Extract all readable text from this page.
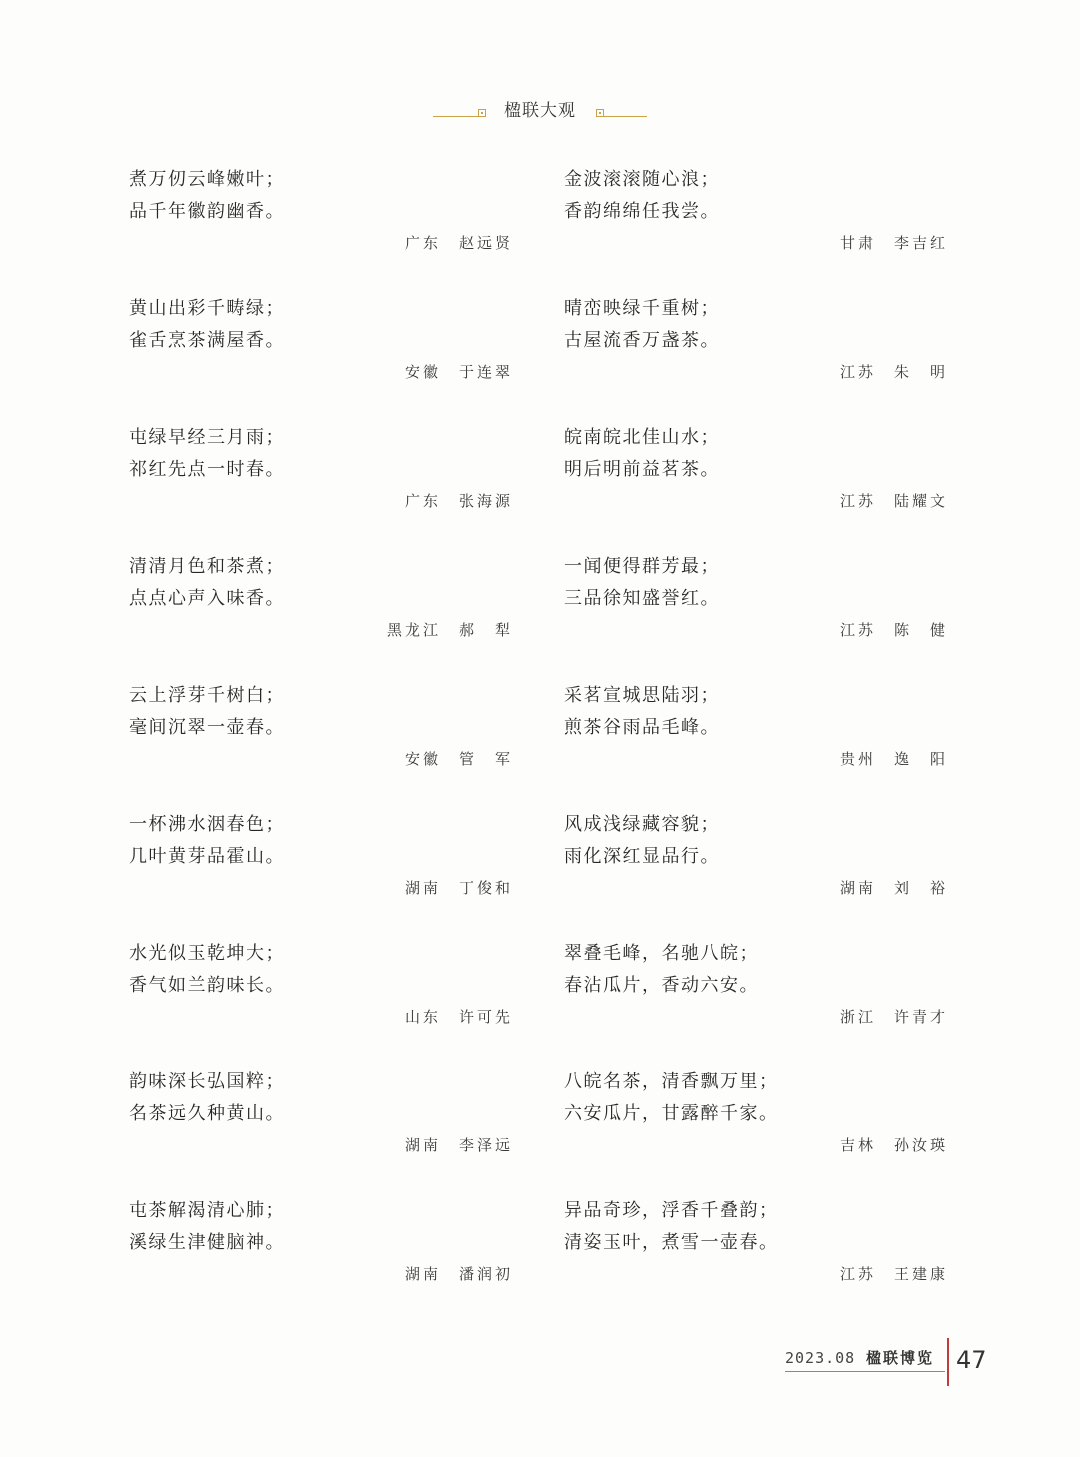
楹联大观
煮万仞云峰嫩叶；
品千年徽韵幽香。
广东 赵远贤
黄山出彩千畴绿；
雀舌烹茶满屋香。
安徽 于连翠
屯绿早经三月雨；
祁红先点一时春。
广东 张海源
清清月色和茶煮；
点点心声入味香。
黑龙江 郝　犁
云上浮芽千树白；
毫间沉翠一壶春。
安徽 管　军
一杯沸水洇春色；
几叶黄芽品霍山。
湖南 丁俊和
水光似玉乾坤大；
香气如兰韵味长。
山东 许可先
韵味深长弘国粹；
名茶远久种黄山。
湖南 李泽远
屯茶解渴清心肺；
溪绿生津健脑神。
湖南 潘润初
金波滚滚随心浪；
香韵绵绵任我尝。
甘肃 李吉红
晴峦映绿千重树；
古屋流香万盏茶。
江苏 朱　明
皖南皖北佳山水；
明后明前益茗茶。
江苏 陆耀文
一闻便得群芳最；
三品徐知盛誉红。
江苏 陈　健
采茗宣城思陆羽；
煎茶谷雨品毛峰。
贵州 逸　阳
风成浅绿藏容貌；
雨化深红显品行。
湖南 刘　裕
翠叠毛峰，名驰八皖；
春沾瓜片，香动六安。
浙江 许青才
八皖名茶，清香飘万里；
六安瓜片，甘露醉千家。
吉林 孙汝瑛
异品奇珍，浮香千叠韵；
清姿玉叶，煮雪一壶春。
江苏 王建康
2023.08 楹联博览 47
